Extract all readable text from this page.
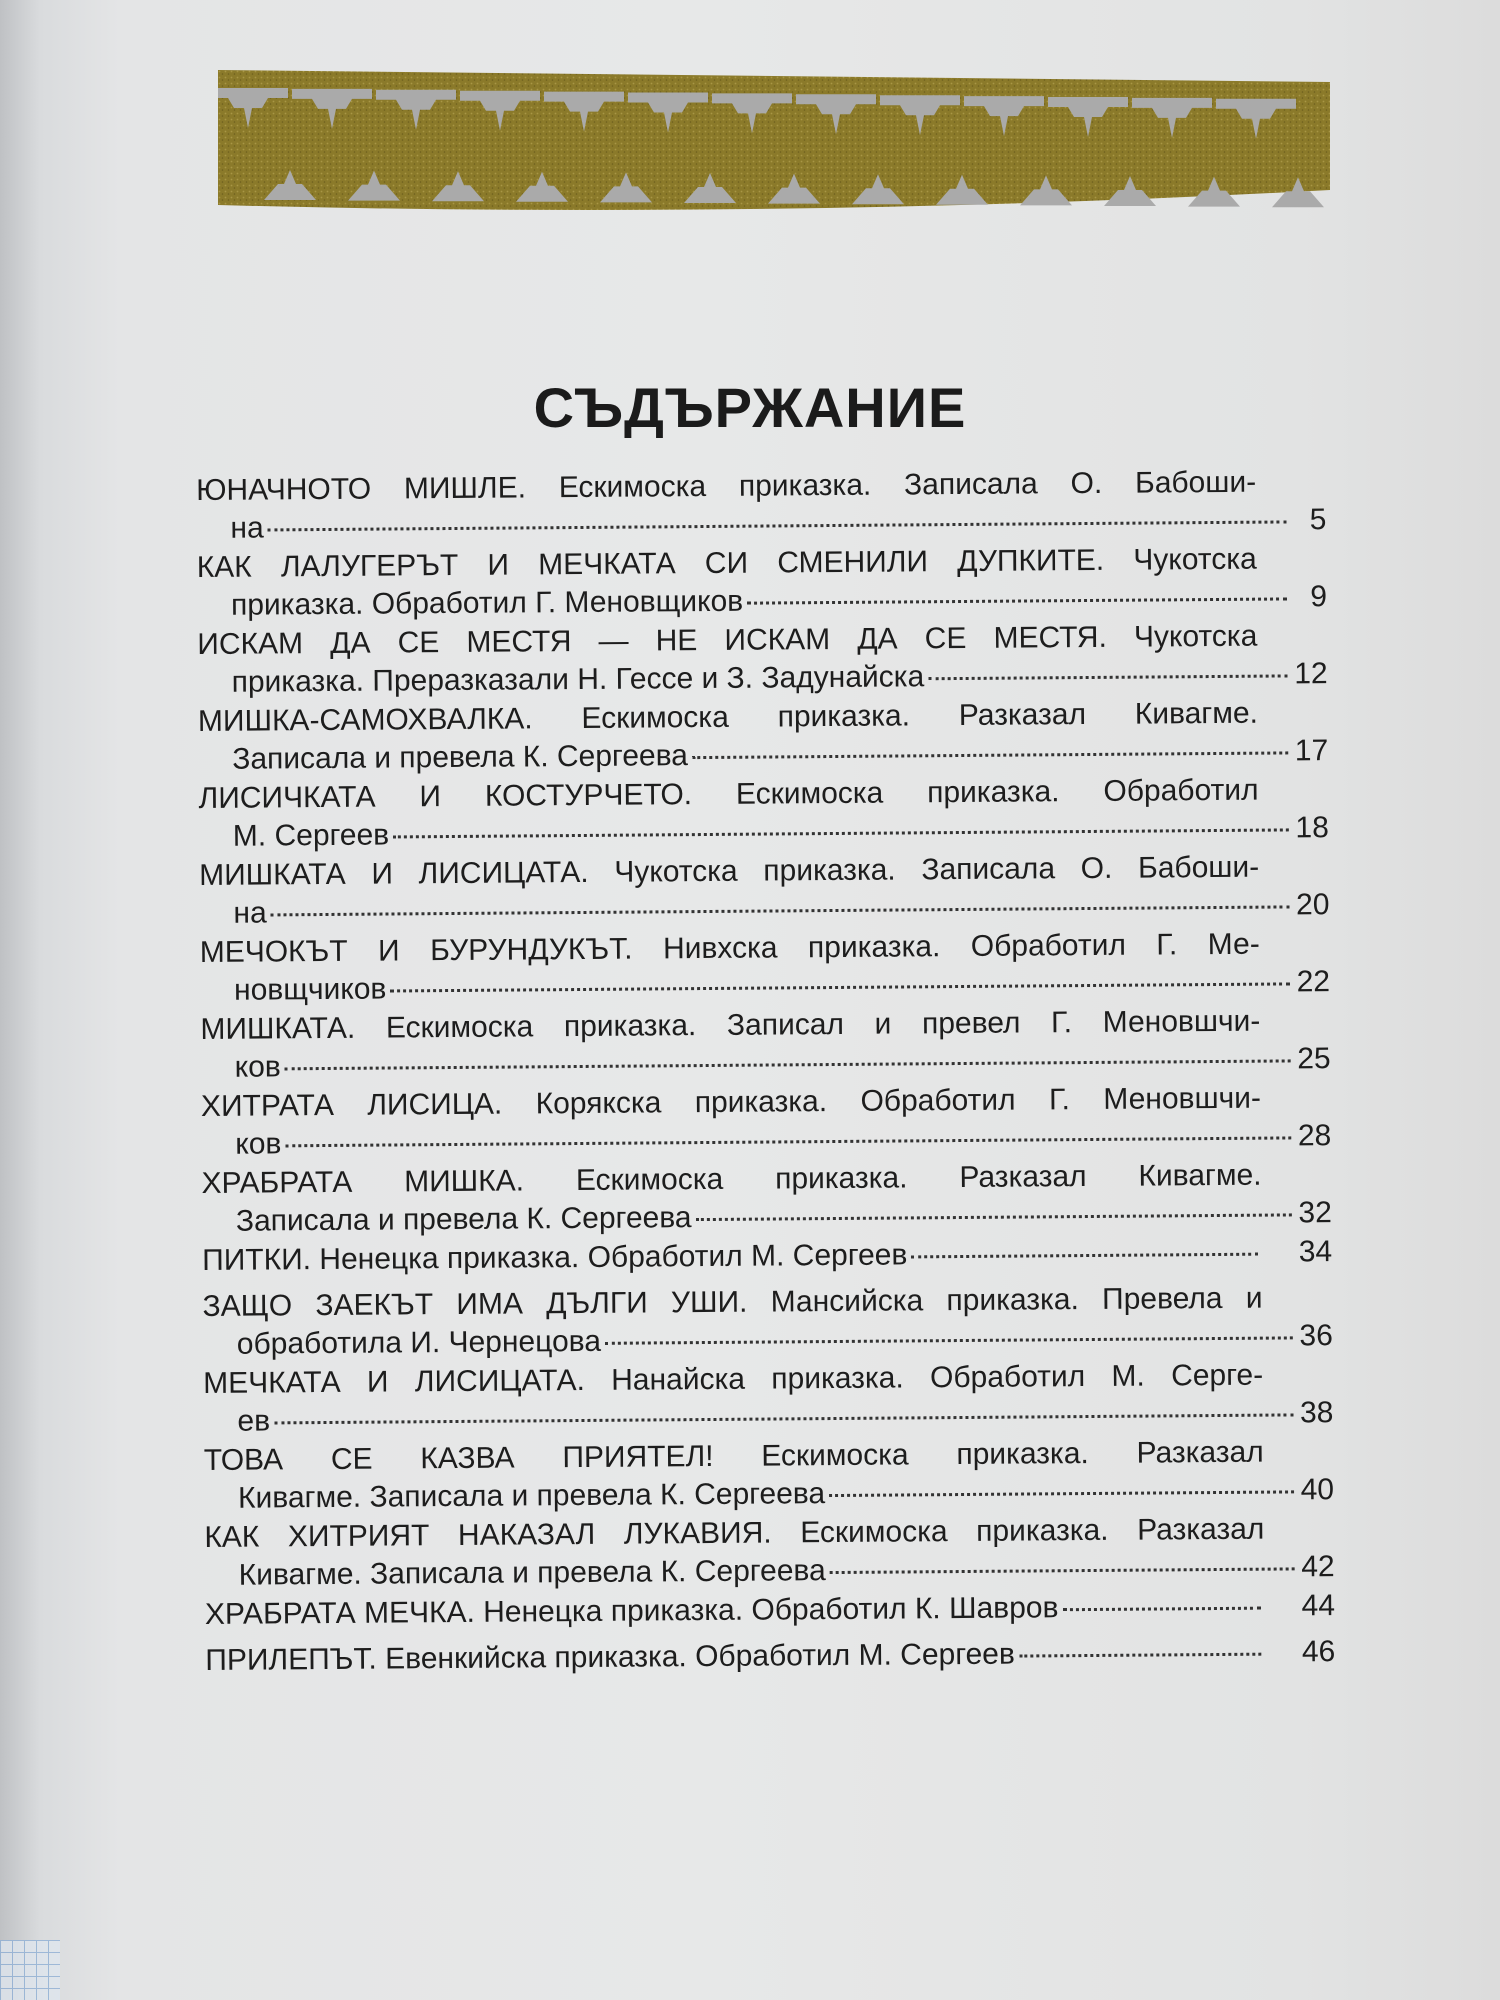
СЪДЪРЖАНИЕ
ЮНАЧНОТО МИШЛЕ. Ескимоска приказка. Записала О. Бабоши-
на	5
КАК ЛАЛУГЕРЪТ И МЕЧКАТА СИ СМЕНИЛИ ДУПКИТЕ. Чукотска
приказка. Обработил Г. Меновщиков	9
ИСКАМ ДА СЕ МЕСТЯ — НЕ ИСКАМ ДА СЕ МЕСТЯ. Чукотска
приказка. Преразказали Н. Гессе и З. Задунайска	12
МИШКА-САМОХВАЛКА. Ескимоска приказка. Разказал Кивагме.
Записала и превела К. Сергеева	17
ЛИСИЧКАТА И КОСТУРЧЕТО. Ескимоска приказка. Обработил
М. Сергеев	18
МИШКАТА И ЛИСИЦАТА. Чукотска приказка. Записала О. Бабоши-
на	20
МЕЧОКЪТ И БУРУНДУКЪТ. Нивхска приказка. Обработил Г. Ме-
новщчиков	22
МИШКАТА. Ескимоска приказка. Записал и превел Г. Меновшчи-
ков	25
ХИТРАТА ЛИСИЦА. Корякска приказка. Обработил Г. Меновшчи-
ков	28
ХРАБРАТА МИШКА. Ескимоска приказка. Разказал Кивагме.
Записала и превела К. Сергеева	32
ПИТКИ. Ненецка приказка. Обработил М. Сергеев	34
ЗАЩО ЗАЕКЪТ ИМА ДЪЛГИ УШИ. Мансийска приказка. Превела и
обработила И. Чернецова	36
МЕЧКАТА И ЛИСИЦАТА. Нанайска приказка. Обработил М. Серге-
ев	38
ТОВА СЕ КАЗВА ПРИЯТЕЛ! Ескимоска приказка. Разказал
Кивагме. Записала и превела К. Сергеева	40
КАК ХИТРИЯТ НАКАЗАЛ ЛУКАВИЯ. Ескимоска приказка. Разказал
Кивагме. Записала и превела К. Сергеева	42
ХРАБРАТА МЕЧКА. Ненецка приказка. Обработил К. Шавров	44
ПРИЛЕПЪТ. Евенкийска приказка. Обработил М. Сергеев	46
